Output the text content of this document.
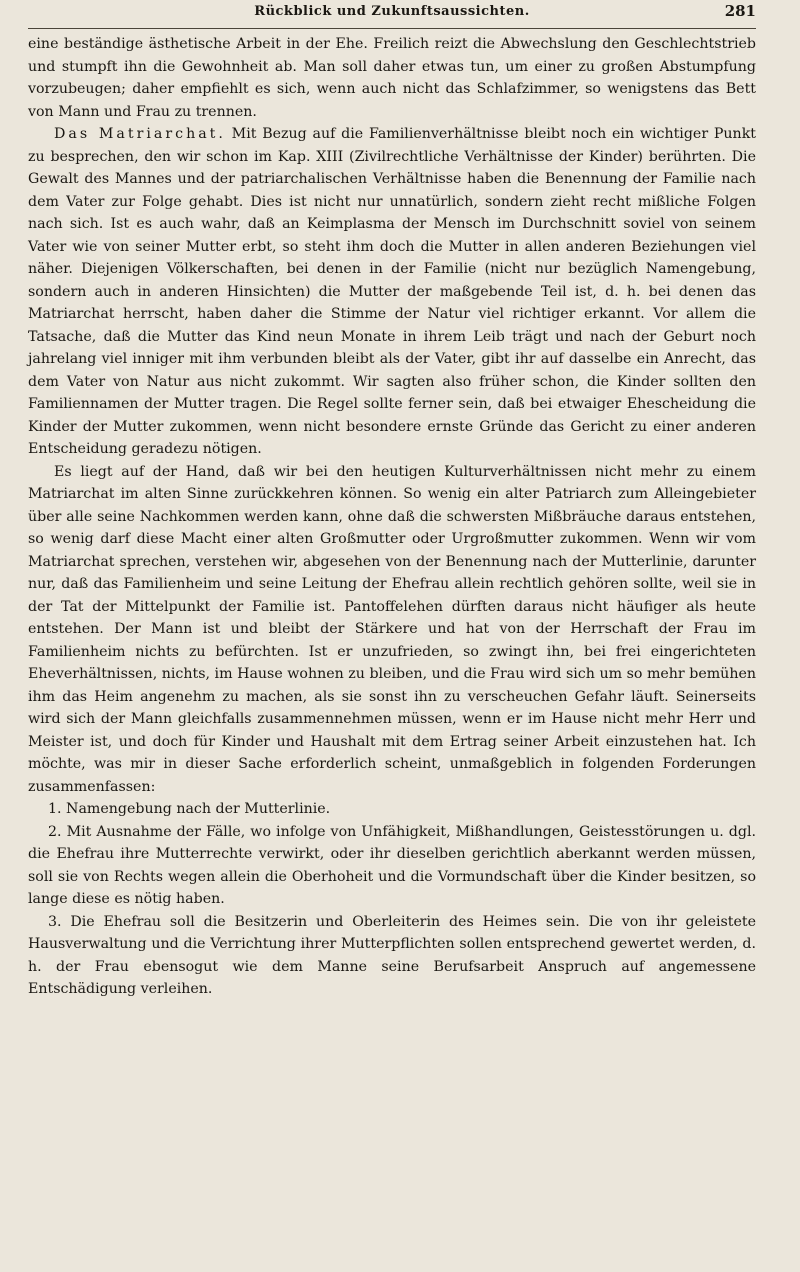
Rückblick und Zukunftsaussichten.	281

eine beständige ästhetische Arbeit in der Ehe. Freilich reizt die Abwechslung den Geschlechtstrieb und stumpft ihn die Gewohnheit ab. Man soll daher etwas tun, um einer zu großen Abstumpfung vorzubeugen; daher empfiehlt es sich, wenn auch nicht das Schlafzimmer, so wenigstens das Bett von Mann und Frau zu trennen.

Das Matriarchat. Mit Bezug auf die Familienverhältnisse bleibt noch ein wichtiger Punkt zu besprechen, den wir schon im Kap. XIII (Zivilrechtliche Verhältnisse der Kinder) berührten. Die Gewalt des Mannes und der patriarchalischen Verhältnisse haben die Benennung der Familie nach dem Vater zur Folge gehabt. Dies ist nicht nur unnatürlich, sondern zieht recht mißliche Folgen nach sich. Ist es auch wahr, daß an Keimplasma der Mensch im Durchschnitt soviel von seinem Vater wie von seiner Mutter erbt, so steht ihm doch die Mutter in allen anderen Beziehungen viel näher. Diejenigen Völkerschaften, bei denen in der Familie (nicht nur bezüglich Namengebung, sondern auch in anderen Hinsichten) die Mutter der maßgebende Teil ist, d. h. bei denen das Matriarchat herrscht, haben daher die Stimme der Natur viel richtiger erkannt. Vor allem die Tatsache, daß die Mutter das Kind neun Monate in ihrem Leib trägt und nach der Geburt noch jahrelang viel inniger mit ihm verbunden bleibt als der Vater, gibt ihr auf dasselbe ein Anrecht, das dem Vater von Natur aus nicht zukommt. Wir sagten also früher schon, die Kinder sollten den Familiennamen der Mutter tragen. Die Regel sollte ferner sein, daß bei etwaiger Ehescheidung die Kinder der Mutter zukommen, wenn nicht besondere ernste Gründe das Gericht zu einer anderen Entscheidung geradezu nötigen.

Es liegt auf der Hand, daß wir bei den heutigen Kulturverhältnissen nicht mehr zu einem Matriarchat im alten Sinne zurückkehren können. So wenig ein alter Patriarch zum Alleingebieter über alle seine Nachkommen werden kann, ohne daß die schwersten Mißbräuche daraus entstehen, so wenig darf diese Macht einer alten Großmutter oder Urgroßmutter zukommen. Wenn wir vom Matriarchat sprechen, verstehen wir, abgesehen von der Benennung nach der Mutterlinie, darunter nur, daß das Familienheim und seine Leitung der Ehefrau allein rechtlich gehören sollte, weil sie in der Tat der Mittelpunkt der Familie ist. Pantoffelehen dürften daraus nicht häufiger als heute entstehen. Der Mann ist und bleibt der Stärkere und hat von der Herrschaft der Frau im Familienheim nichts zu befürchten. Ist er unzufrieden, so zwingt ihn, bei frei eingerichteten Eheverhältnissen, nichts, im Hause wohnen zu bleiben, und die Frau wird sich um so mehr bemühen ihm das Heim angenehm zu machen, als sie sonst ihn zu verscheuchen Gefahr läuft. Seinerseits wird sich der Mann gleichfalls zusammennehmen müssen, wenn er im Hause nicht mehr Herr und Meister ist, und doch für Kinder und Haushalt mit dem Ertrag seiner Arbeit einzustehen hat. Ich möchte, was mir in dieser Sache erforderlich scheint, unmaßgeblich in folgenden Forderungen zusammenfassen:

1. Namengebung nach der Mutterlinie.

2. Mit Ausnahme der Fälle, wo infolge von Unfähigkeit, Mißhandlungen, Geistesstörungen u. dgl. die Ehefrau ihre Mutterrechte verwirkt, oder ihr dieselben gerichtlich aberkannt werden müssen, soll sie von Rechts wegen allein die Oberhoheit und die Vormundschaft über die Kinder besitzen, so lange diese es nötig haben.

3. Die Ehefrau soll die Besitzerin und Oberleiterin des Heimes sein. Die von ihr geleistete Hausverwaltung und die Verrichtung ihrer Mutterpflichten sollen entsprechend gewertet werden, d. h. der Frau ebensogut wie dem Manne seine Berufsarbeit Anspruch auf angemessene Entschädigung verleihen.
